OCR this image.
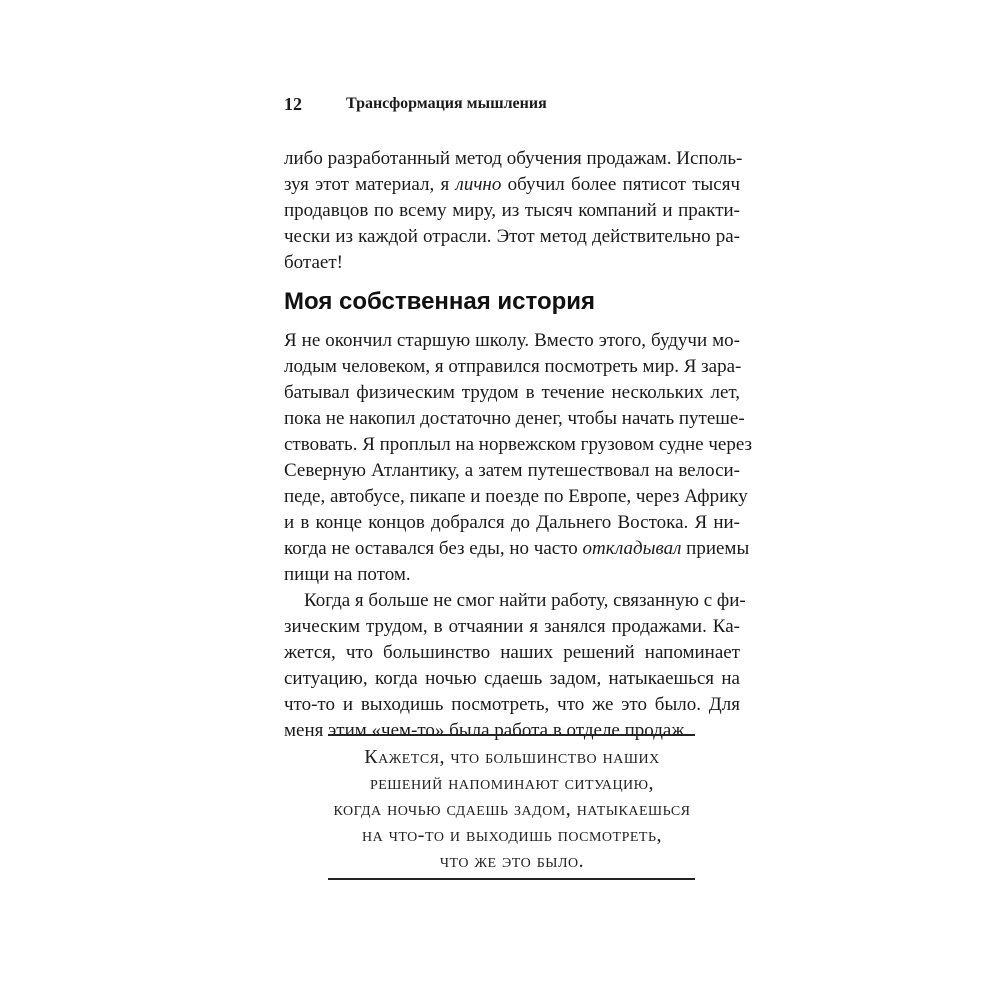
12	Трансформация мышления
либо разработанный метод обучения продажам. Исполь-
зуя этот материал, я лично обучил более пятисот тысяч
продавцов по всему миру, из тысяч компаний и практи-
чески из каждой отрасли. Этот метод действительно ра-
ботает!
Моя собственная история
Я не окончил старшую школу. Вместо этого, будучи мо-
лодым человеком, я отправился посмотреть мир. Я зара-
батывал физическим трудом в течение нескольких лет,
пока не накопил достаточно денег, чтобы начать путеше-
ствовать. Я проплыл на норвежском грузовом судне через
Северную Атлантику, а затем путешествовал на велоси-
педе, автобусе, пикапе и поезде по Европе, через Африку
и в конце концов добрался до Дальнего Востока. Я ни-
когда не оставался без еды, но часто откладывал приемы
пищи на потом.
Когда я больше не смог найти работу, связанную с фи-
зическим трудом, в отчаянии я занялся продажами. Ка-
жется, что большинство наших решений напоминает
ситуацию, когда ночью сдаешь задом, натыкаешься на
что-то и выходишь посмотреть, что же это было. Для
меня этим «чем-то» была работа в отделе продаж.
Кажется, что большинство наших
решений напоминают ситуацию,
когда ночью сдаешь задом, натыкаешься
на что-то и выходишь посмотреть,
что же это было.
